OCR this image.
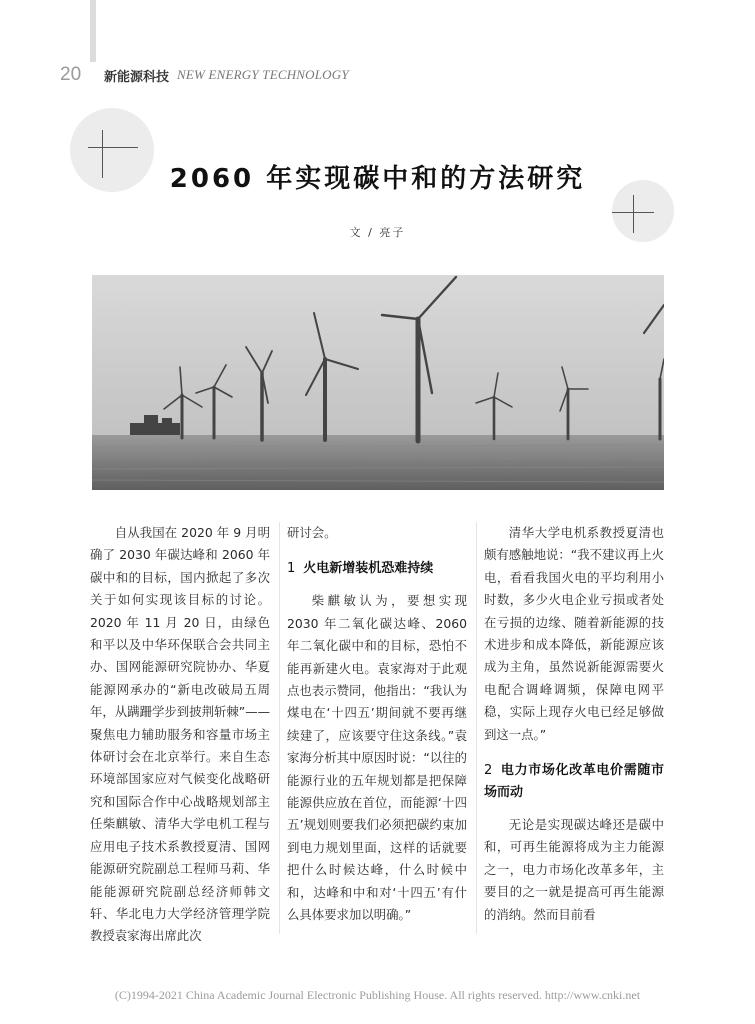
20	新能源科技 NEW ENERGY TECHNOLOGY
2060 年实现碳中和的方法研究
文 / 亮子

自从我国在 2020 年 9 月明确了 2030 年碳达峰和 2060 年碳中和的目标，国内掀起了多次关于如何实现该目标的讨论。2020 年 11 月 20 日，由绿色和平以及中华环保联合会共同主办、国网能源研究院协办、华夏能源网承办的“新电改破局五周年，从蹒跚学步到披荆斩棘”——聚焦电力辅助服务和容量市场主体研讨会在北京举行。来自生态环境部国家应对气候变化战略研究和国际合作中心战略规划部主任柴麒敏、清华大学电机工程与应用电子技术系教授夏清、国网能源研究院副总工程师马莉、华能能源研究院副总经济师韩文轩、华北电力大学经济管理学院教授袁家海出席此次

研讨会。

1 火电新增装机恐难持续

柴麒敏认为，要想实现 2030 年二氧化碳达峰、2060 年二氧化碳中和的目标，恐怕不能再新建火电。袁家海对于此观点也表示赞同，他指出：“我认为煤电在‘十四五’期间就不要再继续建了，应该要守住这条线。”袁家海分析其中原因时说：“以往的能源行业的五年规划都是把保障能源供应放在首位，而能源‘十四五’规划则要我们必须把碳约束加到电力规划里面，这样的话就要把什么时候达峰，什么时候中和，达峰和中和对‘十四五’有什么具体要求加以明确。”

清华大学电机系教授夏清也颇有感触地说：“我不建议再上火电，看看我国火电的平均利用小时数，多少火电企业亏损或者处在亏损的边缘、随着新能源的技术进步和成本降低，新能源应该成为主角，虽然说新能源需要火电配合调峰调频，保障电网平稳，实际上现存火电已经足够做到这一点。”

2 电力市场化改革电价需随市场而动

无论是实现碳达峰还是碳中和，可再生能源将成为主力能源之一，电力市场化改革多年，主要目的之一就是提高可再生能源的消纳。然而目前看

(C)1994-2021 China Academic Journal Electronic Publishing House. All rights reserved. http://www.cnki.net
